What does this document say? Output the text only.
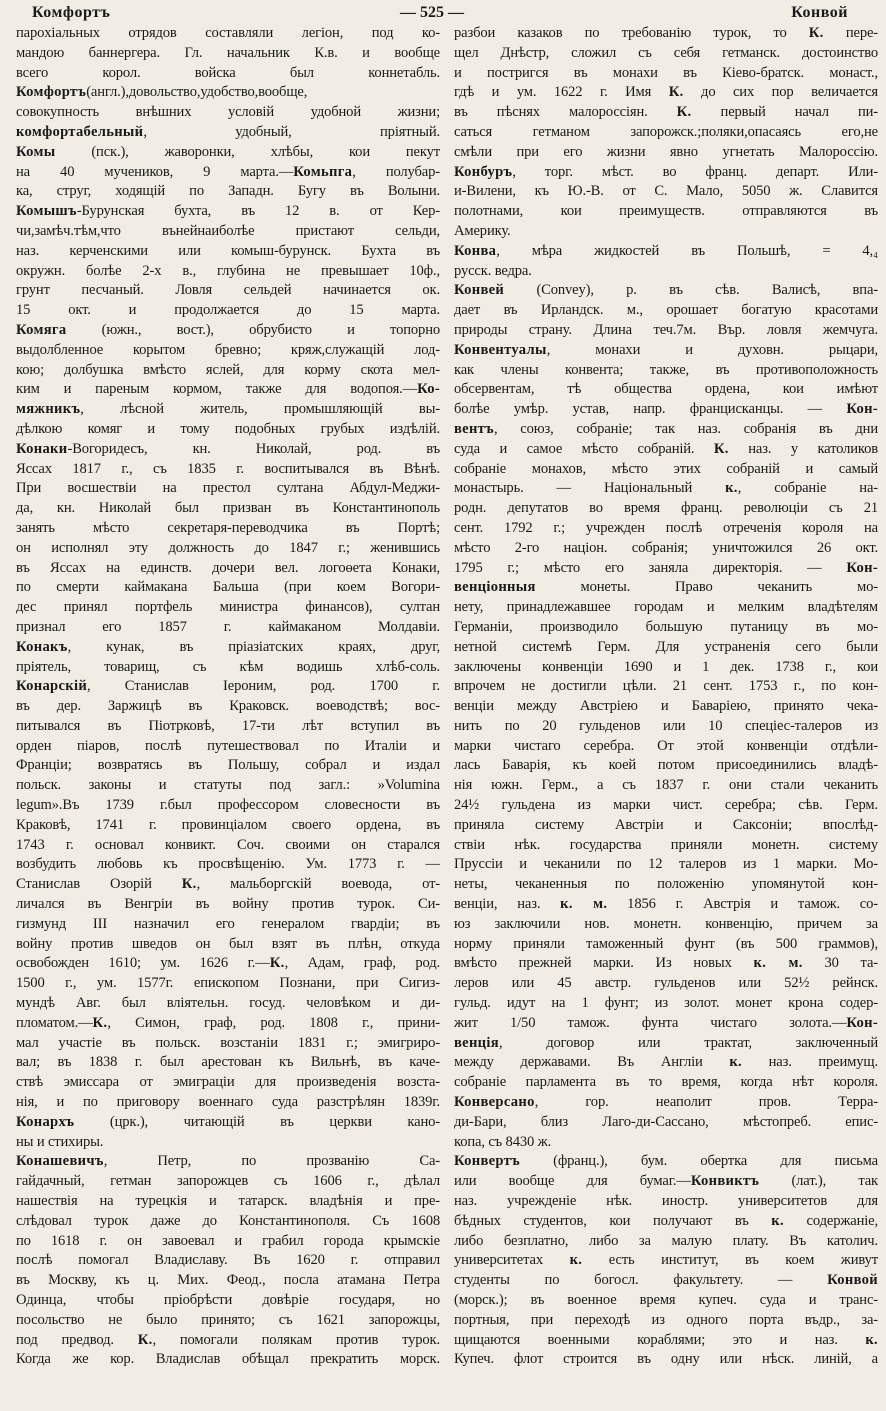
Комфортъ	— 525 —	Конвой
пароxіальных отрядов составляли легіон, под ко-
мандою баннергера. Гл. начальник К.в. и вообще
всего корол. войска был коннетабль.
Комфортъ(англ.),довольство,удобство,вообще,
совокупность внѣшних условій удобной жизни;
комфортабельный, удобный, пріятный.
Комы (пск.), жаворонки, хлѣбы, кои пекут
на 40 мучеников, 9 марта.—Комьпга, полубар-
ка, струг, ходящій по Западн. Бугу въ Волыни.
Комышъ-Бурунская бухта, въ 12 в. от Кер-
чи,замѣч.тѣм,что вънейнаиболѣе пристают сельди,
наз. керченскими или комыш-бурунск. Бухта въ
окружн. болѣе 2-х в., глубина не превышает 10ф.,
грунт песчаный. Ловля сельдей начинается ок.
15 окт. и продолжается до 15 марта.
Комяга (южн., вост.), обрубисто и топорно
выдолбленное корытом бревно; кряж,служащій лод-
кою; долбушка вмѣсто яслей, для корму скота мел-
ким и пареным кормом, также для водопоя.—Ко-
мяжникъ, лѣсной житель, промышляющій вы-
дѣлкою комяг и тому подобных грубых издѣлій.
Конаки-Вогоридесъ, кн. Николай, род. въ
Яссах 1817 г., съ 1835 г. воспитывался въ Вѣнѣ.
При восшествіи на престол султана Абдул-Меджи-
да, кн. Николай был призван въ Константинополь
занять мѣсто секретаря-переводчика въ Портѣ;
он исполнял эту должность до 1847 г.; женившись
въ Яссах на единств. дочери вел. логоөета Конаки,
по смерти каймакана Бальша (при коем Вогори-
дес принял портфель министра финансов), султан
признал его 1857 г. каймаканом Молдавіи.
Конакъ, кунак, въ пріазіатских краях, друг,
пріятель, товарищ, съ кѣм водишь хлѣб-соль.
Конарскій, Станислав Іероним, род. 1700 г.
въ дер. Заржицѣ въ Краковск. воеводствѣ; вос-
питывался въ Піотрковѣ, 17-ти лѣт вступил въ
орден піаров, послѣ путешествовал по Италіи и
Франціи; возвратясь въ Польшу, собрал и издал
польск. законы и статуты под загл.: »Volumina
legum».Въ 1739 г.был профессором словесности въ
Краковѣ, 1741 г. провинціалом своего ордена, въ
1743 г. основал конвикт. Соч. своими он старался
возбудить любовь къ просвѣщенію. Ум. 1773 г. —
Станислав Озорій К., мальборгскій воевода, от-
личался въ Венгріи въ войну против турок. Си-
гизмунд III назначил его генералом гвардіи; въ
войну против шведов он был взят въ плѣн, откуда
освобожден 1610; ум. 1626 г.—К., Адам, граф, род.
1500 г., ум. 1577г. епископом Познани, при Сигиз-
мундѣ Авг. был вліятельн. госуд. человѣком и ди-
пломатом.—К., Симон, граф, род. 1808 г., прини-
мал участіе въ польск. возстаніи 1831 г.; эмигриро-
вал; въ 1838 г. был арестован къ Вильнѣ, въ каче-
ствѣ эмиссара от эмиграціи для произведенія возста-
нія, и по приговору военнаго суда разстрѣлян 1839г.
Конархъ (црк.), читающій въ церкви кано-
ны и стихиры.
Конашевичъ, Петр, по прозванію Са-
гайдачный, гетман запорожцев съ 1606 г., дѣлал
нашествія на турецкія и татарск. владѣнія и пре-
слѣдовал турок даже до Константинополя. Съ 1608
по 1618 г. он завоевал и грабил города крымскіе
послѣ помогал Владиславу. Въ 1620 г. отправил
въ Москву, къ ц. Мих. Феод., посла атамана Петра
Одинца, чтобы пріобрѣсти довѣріе государя, но
посольство не было принято; съ 1621 запорожцы,
под предвод. К., помогали полякам против турок.
Когда же кор. Владислав обѣщал прекратить морск.
разбои казаков по требованію турок, то К. пере-
щел Днѣстр, сложил съ себя гетманск. достоинство
и постригся въ монахи въ Кіево-братск. монаст.,
гдѣ и ум. 1622 г. Имя К. до сих пор величается
въ пѣснях малороссіян. К. первый начал пи-
саться гетманом запорожск.;поляки,опасаясь его,не
смѣли при его жизни явно угнетать Малороссію.
Конбуръ, торг. мѣст. во франц. департ. Или-
и-Вилени, къ Ю.-В. от С. Мало, 5050 ж. Славится
полотнами, кои преимуществ. отправляются въ
Америку.
Конва, мѣра жидкостей въ Польшѣ, = 4,₄
русск. ведра.
Конвей (Convey), р. въ сѣв. Валисѣ, впа-
дает въ Ирландск. м., орошает богатую красотами
природы страну. Длина теч.7м. Вър. ловля жемчуга.
Конвентуалы, монахи и духовн. рыцари,
как члены конвента; также, въ противоположность
обсервентам, тѣ общества ордена, кои имѣют
болѣе умѣр. устав, напр. францисканцы. — Кон-
вентъ, союз, собраніе; так наз. собранія въ дни
суда и самое мѣсто собраній. К. наз. у католиков
собраніе монахов, мѣсто этих собраній и самый
монастырь. — Національный к., собраніе на-
родн. депутатов во время франц. революціи съ 21
сент. 1792 г.; учрежден послѣ отреченія короля на
мѣсто 2-го націон. собранія; уничтожился 26 окт.
1795 г.; мѣсто его заняла директорія. — Кон-
венціонныя монеты. Право чеканить мо-
нету, принадлежавшее городам и мелким владѣтелям
Германіи, производило большую путаницу въ мо-
нетной системѣ Герм. Для устраненія сего были
заключены конвенціи 1690 и 1 дек. 1738 г., кои
впрочем не достигли цѣли. 21 сент. 1753 г., по кон-
венціи между Австріею и Баваріею, принято чека-
нить по 20 гульденов или 10 спеціес-талеров из
марки чистаго серебра. От этой конвенціи отдѣли-
лась Баварія, къ коей потом присоединились владѣ-
нія южн. Герм., а съ 1837 г. они стали чеканить
24½ гульдена из марки чист. серебра; сѣв. Герм.
приняла систему Австріи и Саксоніи; впослѣд-
ствіи нѣк. государства приняли монетн. систему
Пруссіи и чеканили по 12 талеров из 1 марки. Мо-
неты, чеканенныя по положенію упомянутой кон-
венціи, наз. к. м. 1856 г. Австрія и тамож. со-
юз заключили нов. монетн. конвенцію, причем за
норму приняли таможенный фунт (въ 500 граммов),
вмѣсто прежней марки. Из новых к. м. 30 та-
леров или 45 австр. гульденов или 52½ рейнск.
гульд. идут на 1 фунт; из золот. монет крона содер-
жит 1/50 тамож. фунта чистаго золота.—Кон-
венція, договор или трактат, заключенный
между державами. Въ Англіи к. наз. преимущ.
собраніе парламента въ то время, когда нѣт короля.
Конверсано, гор. неаполит пров. Терра-
ди-Бари, близ Лаго-ди-Сассано, мѣстопреб. епис-
копа, съ 8430 ж.
Конвертъ (франц.), бум. обертка для письма
или вообще для бумаг.—Конвиктъ (лат.), так
наз. учрежденіе нѣк. иностр. университетов для
бѣдных студентов, кои получают въ к. содержаніе,
либо безплатно, либо за малую плату. Въ католич.
университетах к. есть институт, въ коем живут
студенты по богосл. факультету. — Конвой
(морск.); въ военное время купеч. суда и транс-
портныя, при переходѣ из одного порта въдр., за-
щищаются военными кораблями; это и наз. к.
Купеч. флот строится въ одну или нѣск. линій, а
